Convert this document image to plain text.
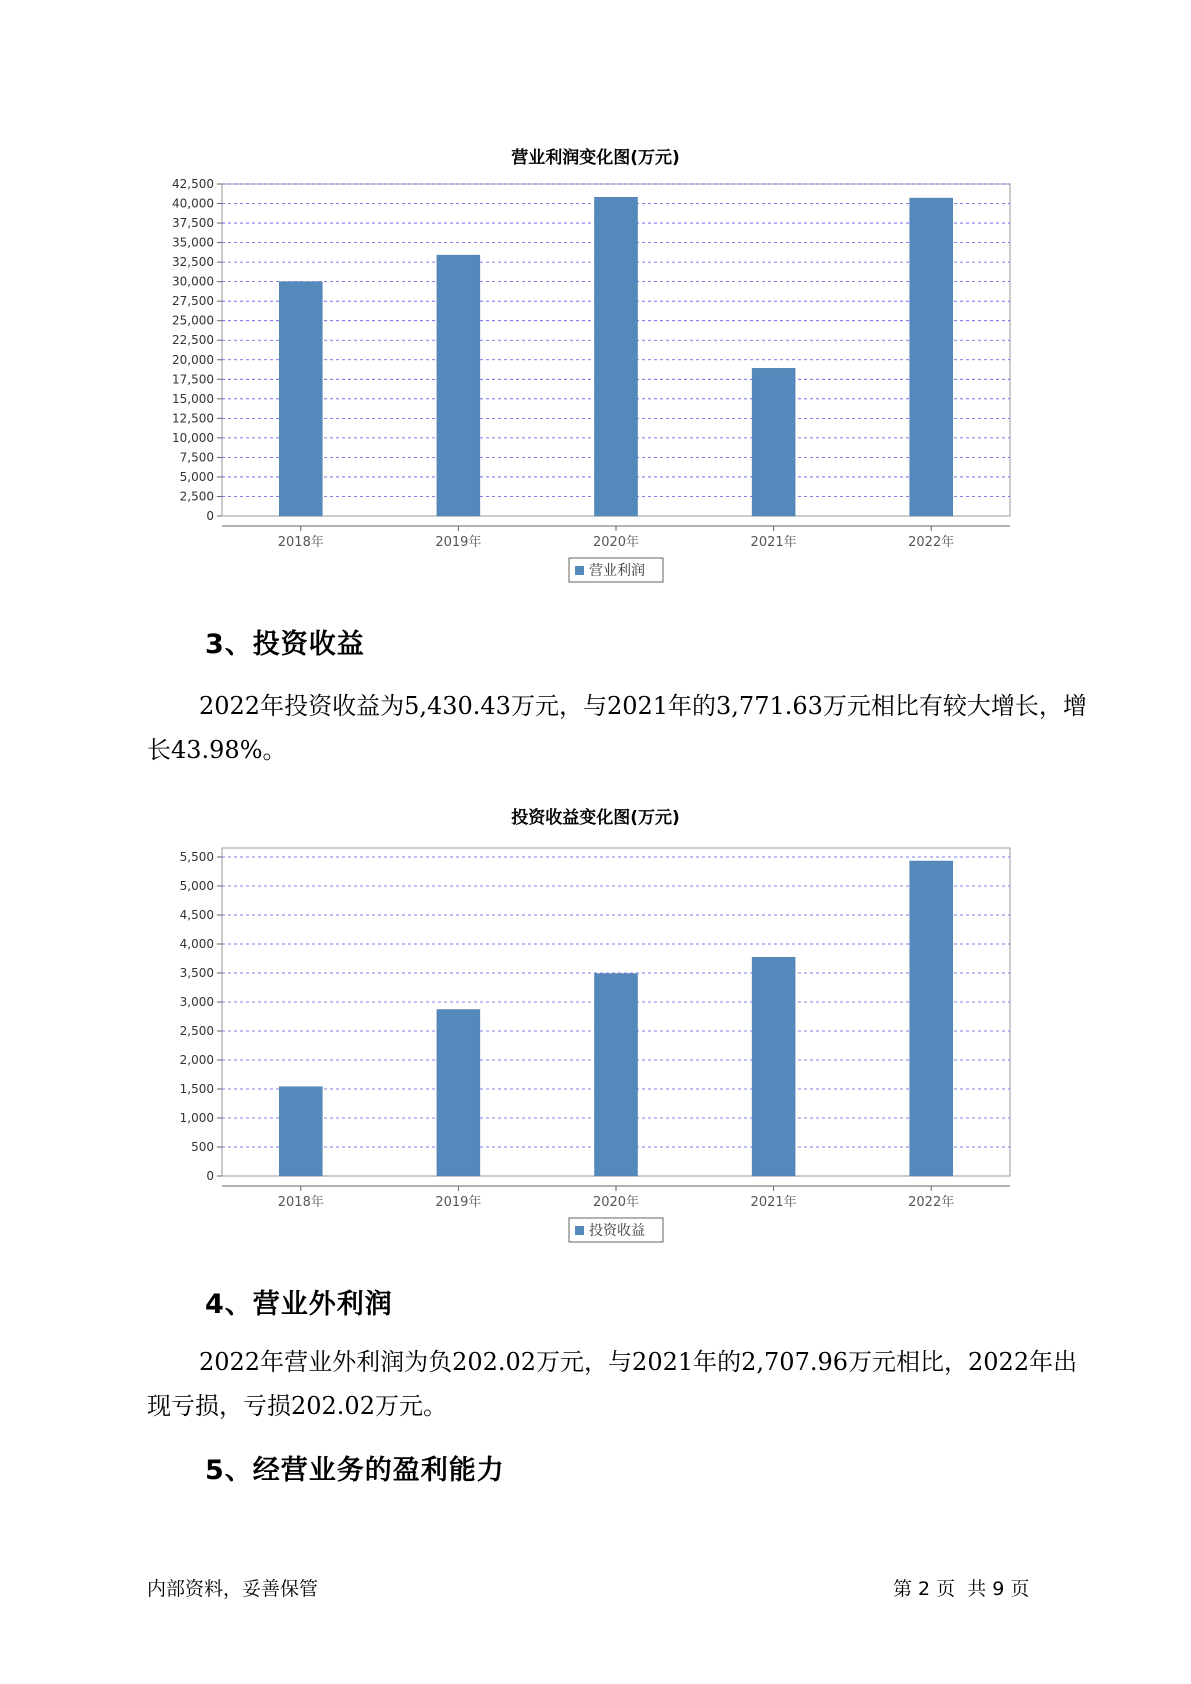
营业利润变化图(万元)
0
2,500
5,000
7,500
10,000
12,500
15,000
17,500
20,000
22,500
25,000
27,500
30,000
32,500
35,000
37,500
40,000
42,500
2018年	2019年	2020年	2021年	2022年
营业利润
3、投资收益

2022年投资收益为5,430.43万元，与2021年的3,771.63万元相比有较大增长，增长43.98%。

投资收益变化图(万元)
0
500
1,000
1,500
2,000
2,500
3,000
3,500
4,000
4,500
5,000
5,500
2018年	2019年	2020年	2021年	2022年
投资收益
4、营业外利润

2022年营业外利润为负202.02万元，与2021年的2,707.96万元相比，2022年出现亏损，亏损202.02万元。

5、经营业务的盈利能力
内部资料，妥善保管	第 2 页  共 9 页
